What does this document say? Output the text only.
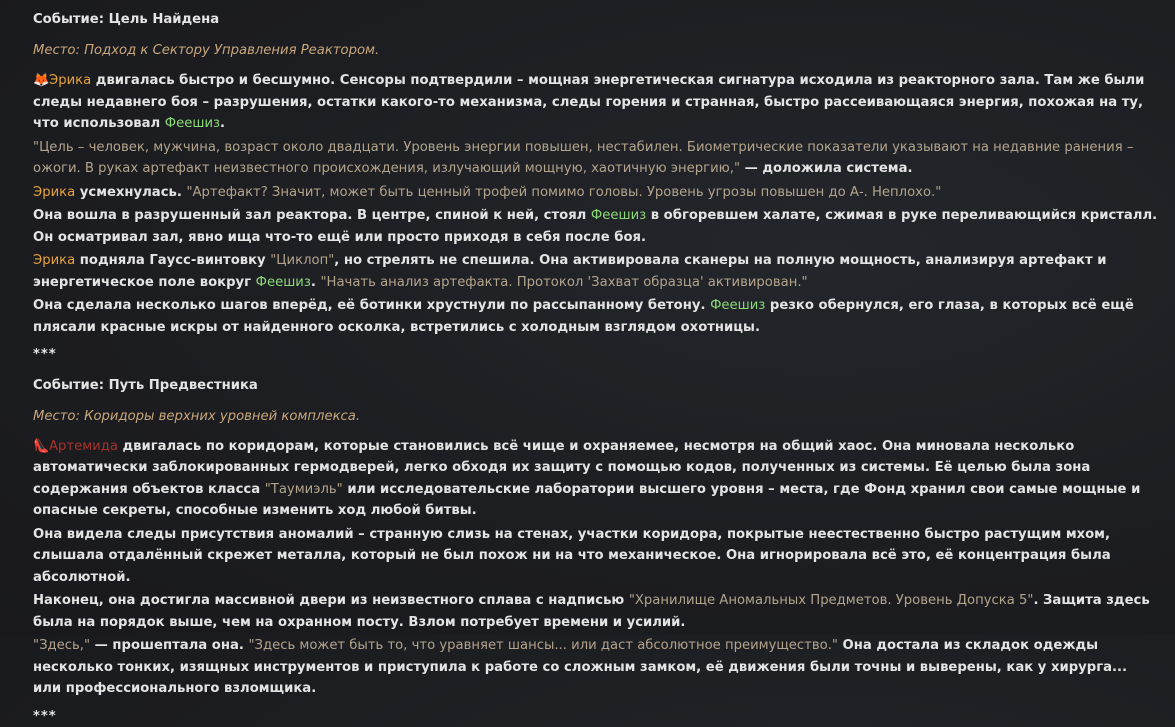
Событие: Цель Найдена
Место: Подход к Сектору Управления Реактором.

🦊Эрика двигалась быстро и бесшумно. Сенсоры подтвердили – мощная энергетическая сигнатура исходила из реакторного зала. Там же были следы недавнего боя – разрушения, остатки какого-то механизма, следы горения и странная, быстро рассеивающаяся энергия, похожая на ту, что использовал Феешиз.

"Цель – человек, мужчина, возраст около двадцати. Уровень энергии повышен, нестабилен. Биометрические показатели указывают на недавние ранения – ожоги. В руках артефакт неизвестного происхождения, излучающий мощную, хаотичную энергию," — доложила система.

Эрика усмехнулась. "Артефакт? Значит, может быть ценный трофей помимо головы. Уровень угрозы повышен до А-. Неплохо."

Она вошла в разрушенный зал реактора. В центре, спиной к ней, стоял Феешиз в обгоревшем халате, сжимая в руке переливающийся кристалл. Он осматривал зал, явно ища что-то ещё или просто приходя в себя после боя.

Эрика подняла Гаусс-винтовку "Циклоп", но стрелять не спешила. Она активировала сканеры на полную мощность, анализируя артефакт и энергетическое поле вокруг Феешиз. "Начать анализ артефакта. Протокол 'Захват образца' активирован."

Она сделала несколько шагов вперёд, её ботинки хрустнули по рассыпанному бетону. Феешиз резко обернулся, его глаза, в которых всё ещё плясали красные искры от найденного осколка, встретились с холодным взглядом охотницы.

***
Событие: Путь Предвестника
Место: Коридоры верхних уровней комплекса.

👠Артемида двигалась по коридорам, которые становились всё чище и охраняемее, несмотря на общий хаос. Она миновала несколько автоматически заблокированных гермодверей, легко обходя их защиту с помощью кодов, полученных из системы. Её целью была зона содержания объектов класса "Таумиэль" или исследовательские лаборатории высшего уровня – места, где Фонд хранил свои самые мощные и опасные секреты, способные изменить ход любой битвы.

Она видела следы присутствия аномалий – странную слизь на стенах, участки коридора, покрытые неестественно быстро растущим мхом, слышала отдалённый скрежет металла, который не был похож ни на что механическое. Она игнорировала всё это, её концентрация была абсолютной.

Наконец, она достигла массивной двери из неизвестного сплава с надписью "Хранилище Аномальных Предметов. Уровень Допуска 5". Защита здесь была на порядок выше, чем на охранном посту. Взлом потребует времени и усилий.

"Здесь," — прошептала она. "Здесь может быть то, что уравняет шансы... или даст абсолютное преимущество." Она достала из складок одежды несколько тонких, изящных инструментов и приступила к работе со сложным замком, её движения были точны и выверены, как у хирурга... или профессионального взломщика.

***
